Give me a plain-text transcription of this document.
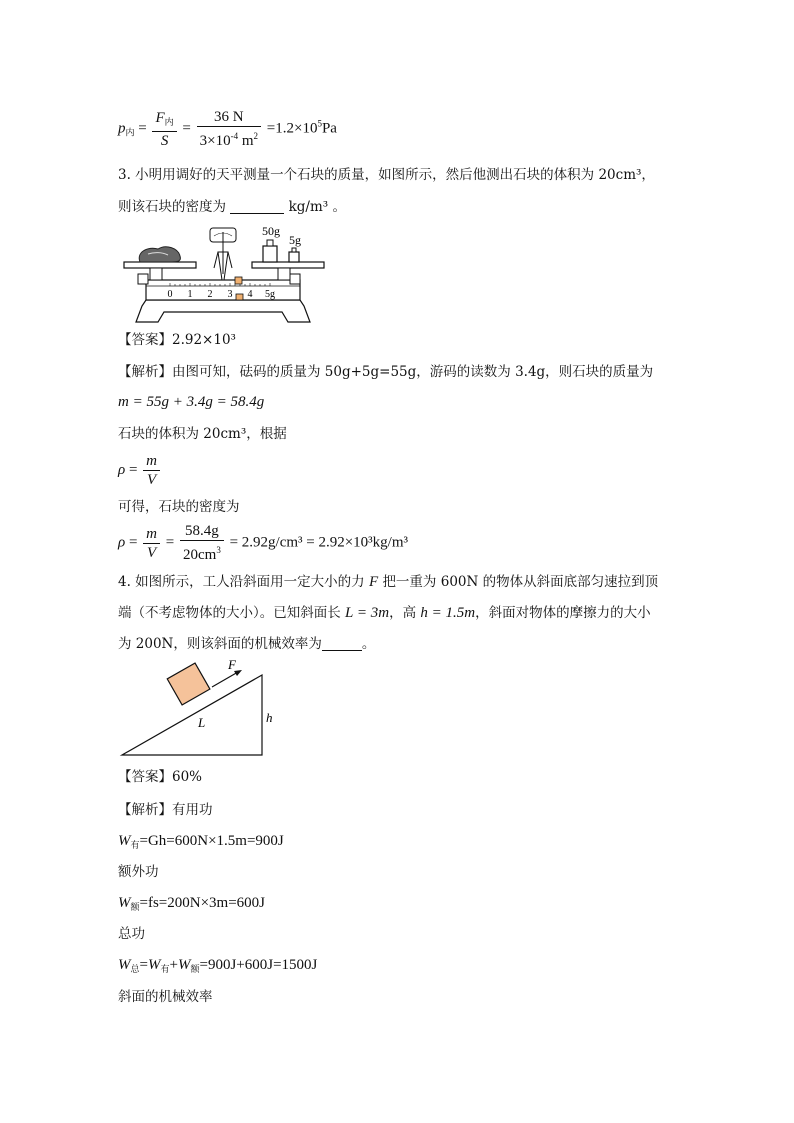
$p_内 = \frac{F_内}{S} = \frac{36 N}{3\times 10^{-4} m^2} =1.2\times 10^5Pa$
3. 小明用调好的天平测量一个石块的质量，如图所示，然后他测出石块的体积为 20cm³，
则该石块的密度为	kg/m³ 。
0 1 2 3 4 5g
50g
5g
【答案】2.92×10³
【解析】由图可知，砝码的质量为 50g+5g=55g，游码的读数为 3.4g，则石块的质量为
m = 55g + 3.4g = 58.4g
石块的体积为 20cm³，根据
$\rho = \frac{m}{V}$
可得，石块的密度为
$\rho = \frac{m}{V} = \frac{58.4g}{20cm^3} = 2.92g/cm^3 = 2.92\times 10^3kg/m^3$
4. 如图所示，工人沿斜面用一定大小的力 F 把一重为 600N 的物体从斜面底部匀速拉到顶
端（不考虑物体的大小）。已知斜面长 L = 3m，高 h = 1.5m，斜面对物体的摩擦力的大小
为 200N，则该斜面的机械效率为	。
F
L	h
【答案】60%
【解析】有用功
$W_有=Gh=600N\times 1.5m=900J$
额外功
$W_额=fs=200N\times 3m=600J$
总功
$W_总=W_有+W_额=900J+600J=1500J$
斜面的机械效率
